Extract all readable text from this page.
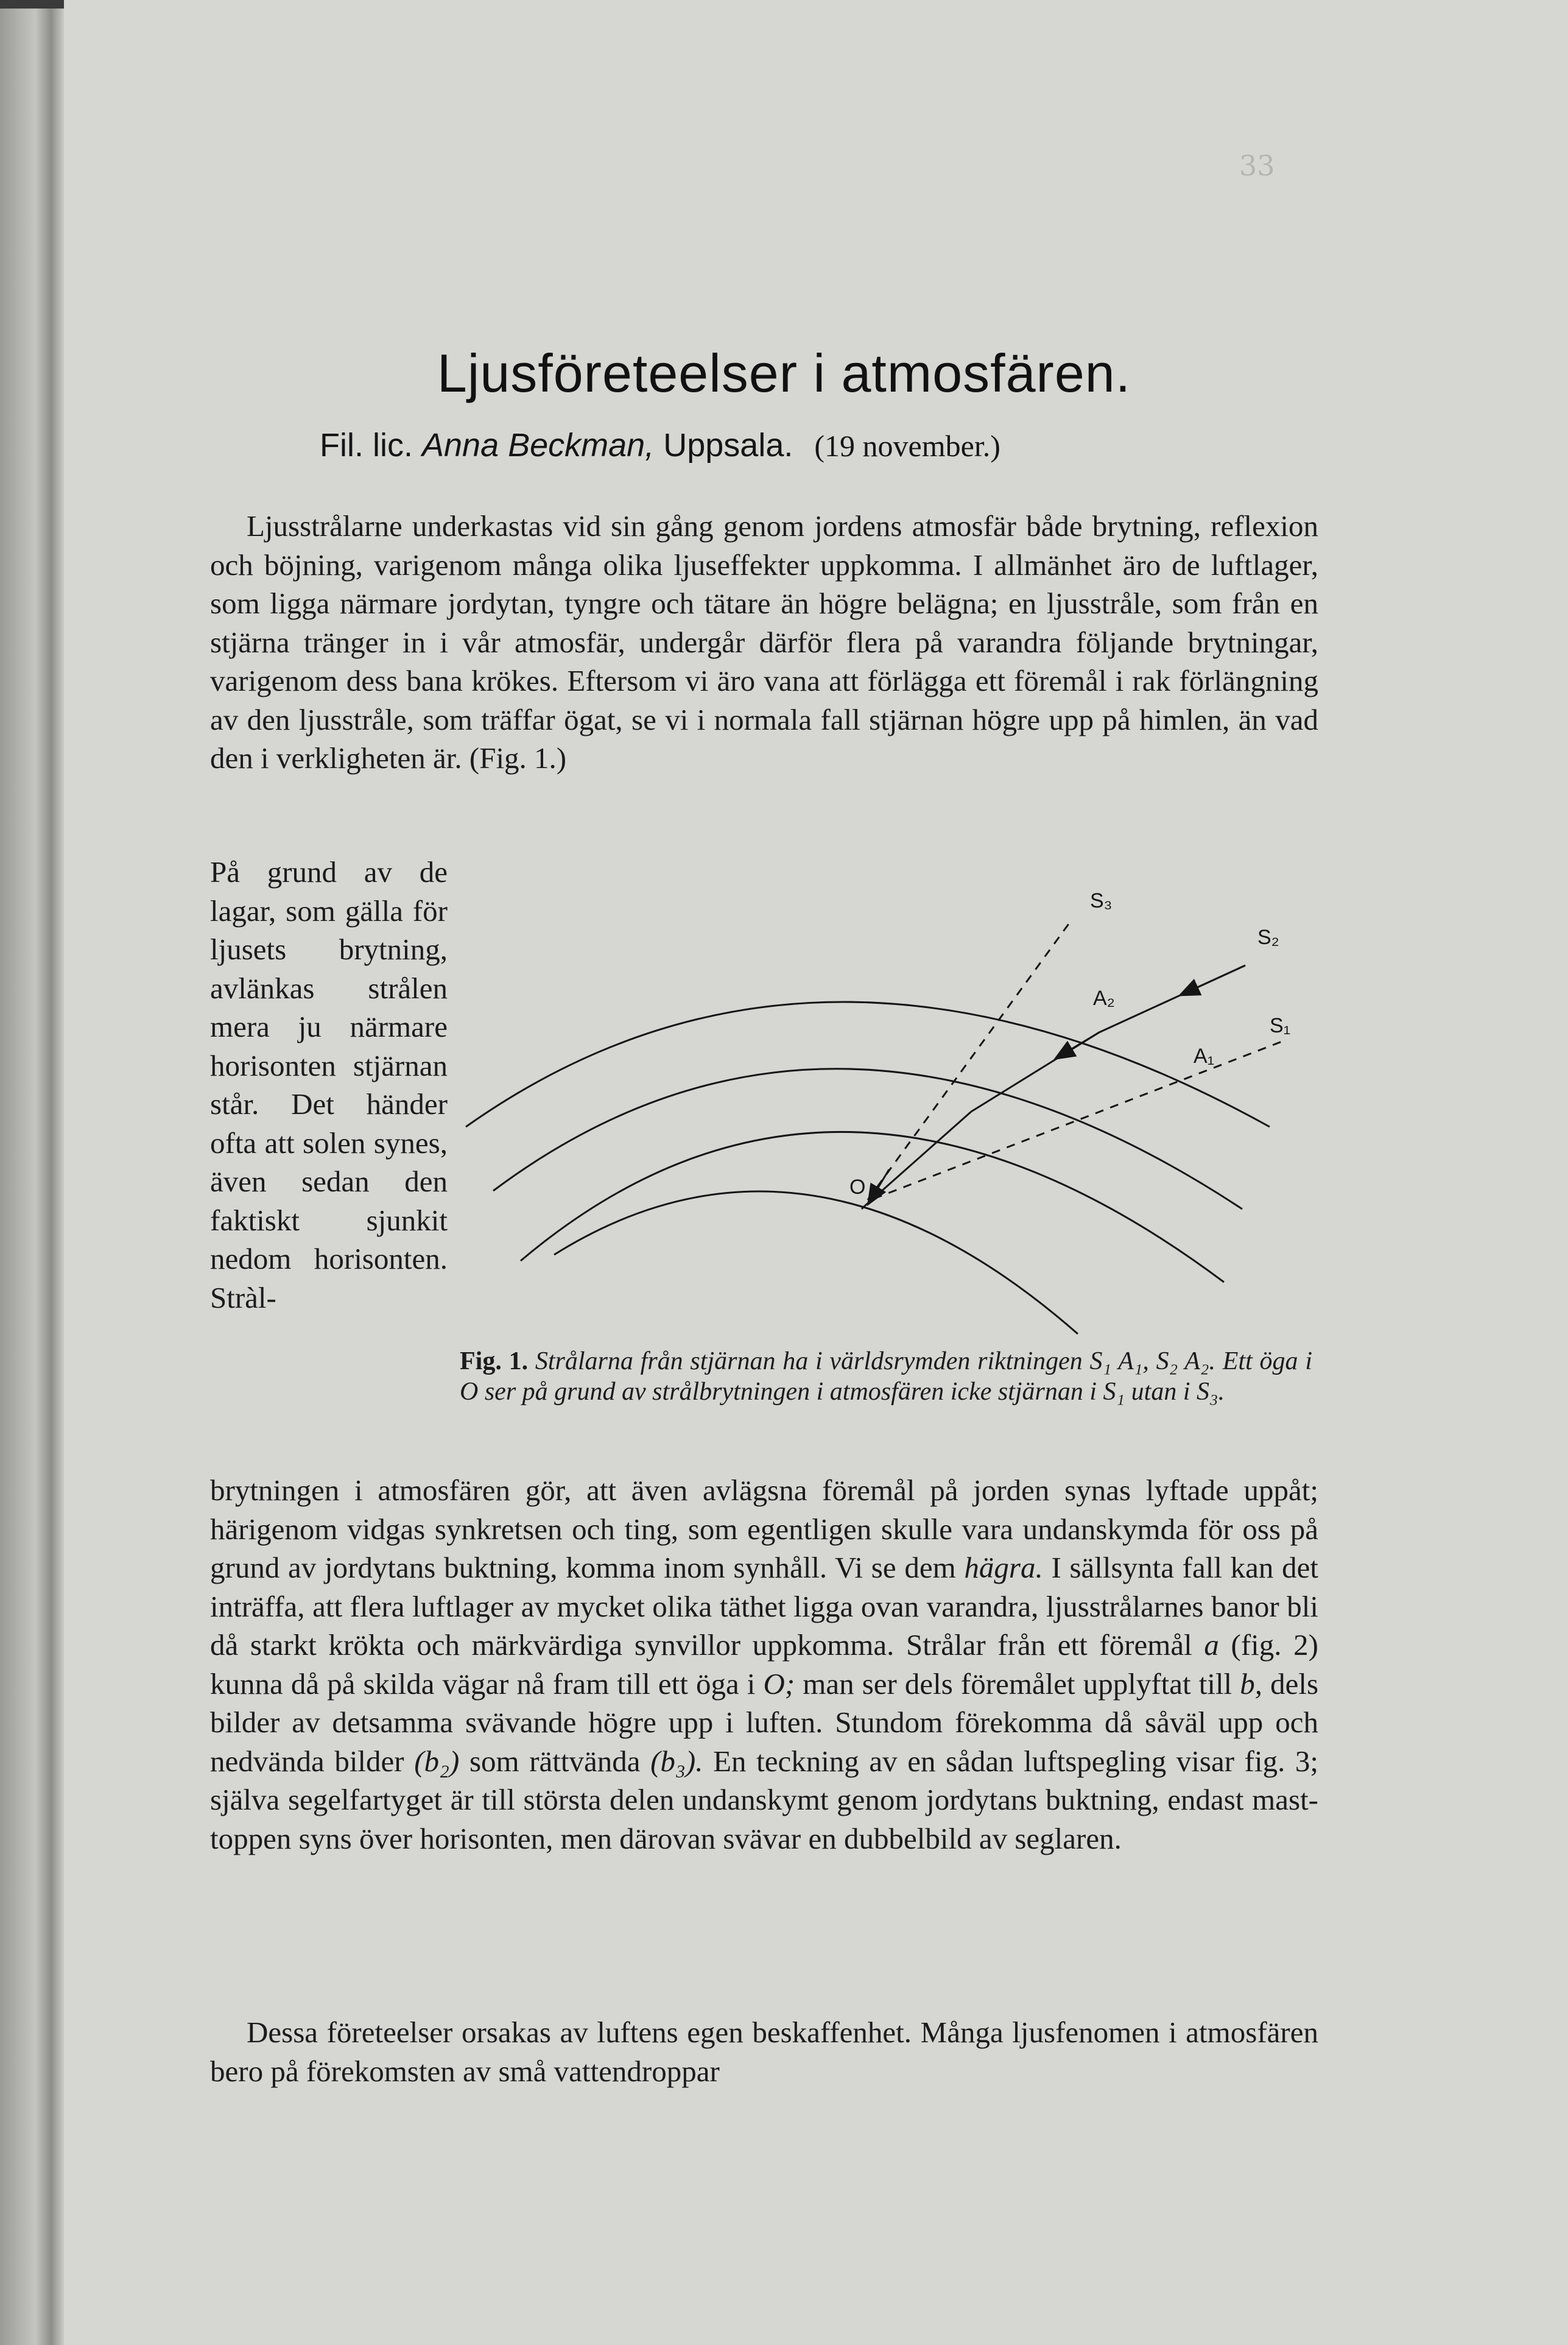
33

Ljusföreteelser i atmosfären.

Fil. lic. Anna Beckman, Uppsala. (19 november.)

Ljusstrålarne underkastas vid sin gång genom jordens atmosfär både brytning, reflexion och böjning, varigenom många olika ljuseffekter uppkomma. I allmänhet äro de luftlager, som ligga närmare jordytan, tyngre och tätare än högre belägna; en ljusstråle, som från en stjärna tränger in i vår atmosfär, undergår därför flera på varandra följande brytningar, varigenom dess bana krökes. Eftersom vi äro vana att förlägga ett föremål i rak förlängning av den ljusstråle, som träffar ögat, se vi i normala fall stjärnan högre upp på himlen, än vad den i verkligheten är. (Fig. 1.)

På grund av de lagar, som gälla för ljusets brytning, avlänkas strålen mera ju närmare horisonten stjärnan står. Det händer ofta att solen synes, även sedan den faktiskt sjunkit nedom horisonten. Stràl-

S₃
S₂
S₁
A₂
A₁
O

Fig. 1. Strålarna från stjärnan ha i världsrymden riktningen S₁ A₁, S₂ A₂. Ett öga i O ser på grund av strålbrytningen i atmosfären icke stjärnan i S₁ utan i S₃.

brytningen i atmosfären gör, att även avlägsna föremål på jorden synas lyftade uppåt; härigenom vidgas synkretsen och ting, som egentligen skulle vara undanskymda för oss på grund av jordytans buktning, komma inom synhåll. Vi se dem hägra. I sällsynta fall kan det inträffa, att flera luftlager av mycket olika täthet ligga ovan varandra, ljusstrålarnes banor bli då starkt krökta och märkvärdiga synvillor uppkomma. Strålar från ett föremål a (fig. 2) kunna då på skilda vägar nå fram till ett öga i O; man ser dels föremålet upplyftat till b, dels bilder av detsamma svävande högre upp i luften. Stundom förekomma då såväl upp och nedvända bilder (b₂) som rättvända (b₃). En teckning av en sådan luftspegling visar fig. 3; själva segelfartyget är till största delen undanskymt genom jordytans buktning, endast mast-toppen syns över horisonten, men därovan svävar en dubbelbild av seglaren.

Dessa företeelser orsakas av luftens egen beskaffenhet. Många ljusfenomen i atmosfären bero på förekomsten av små vattendroppar
